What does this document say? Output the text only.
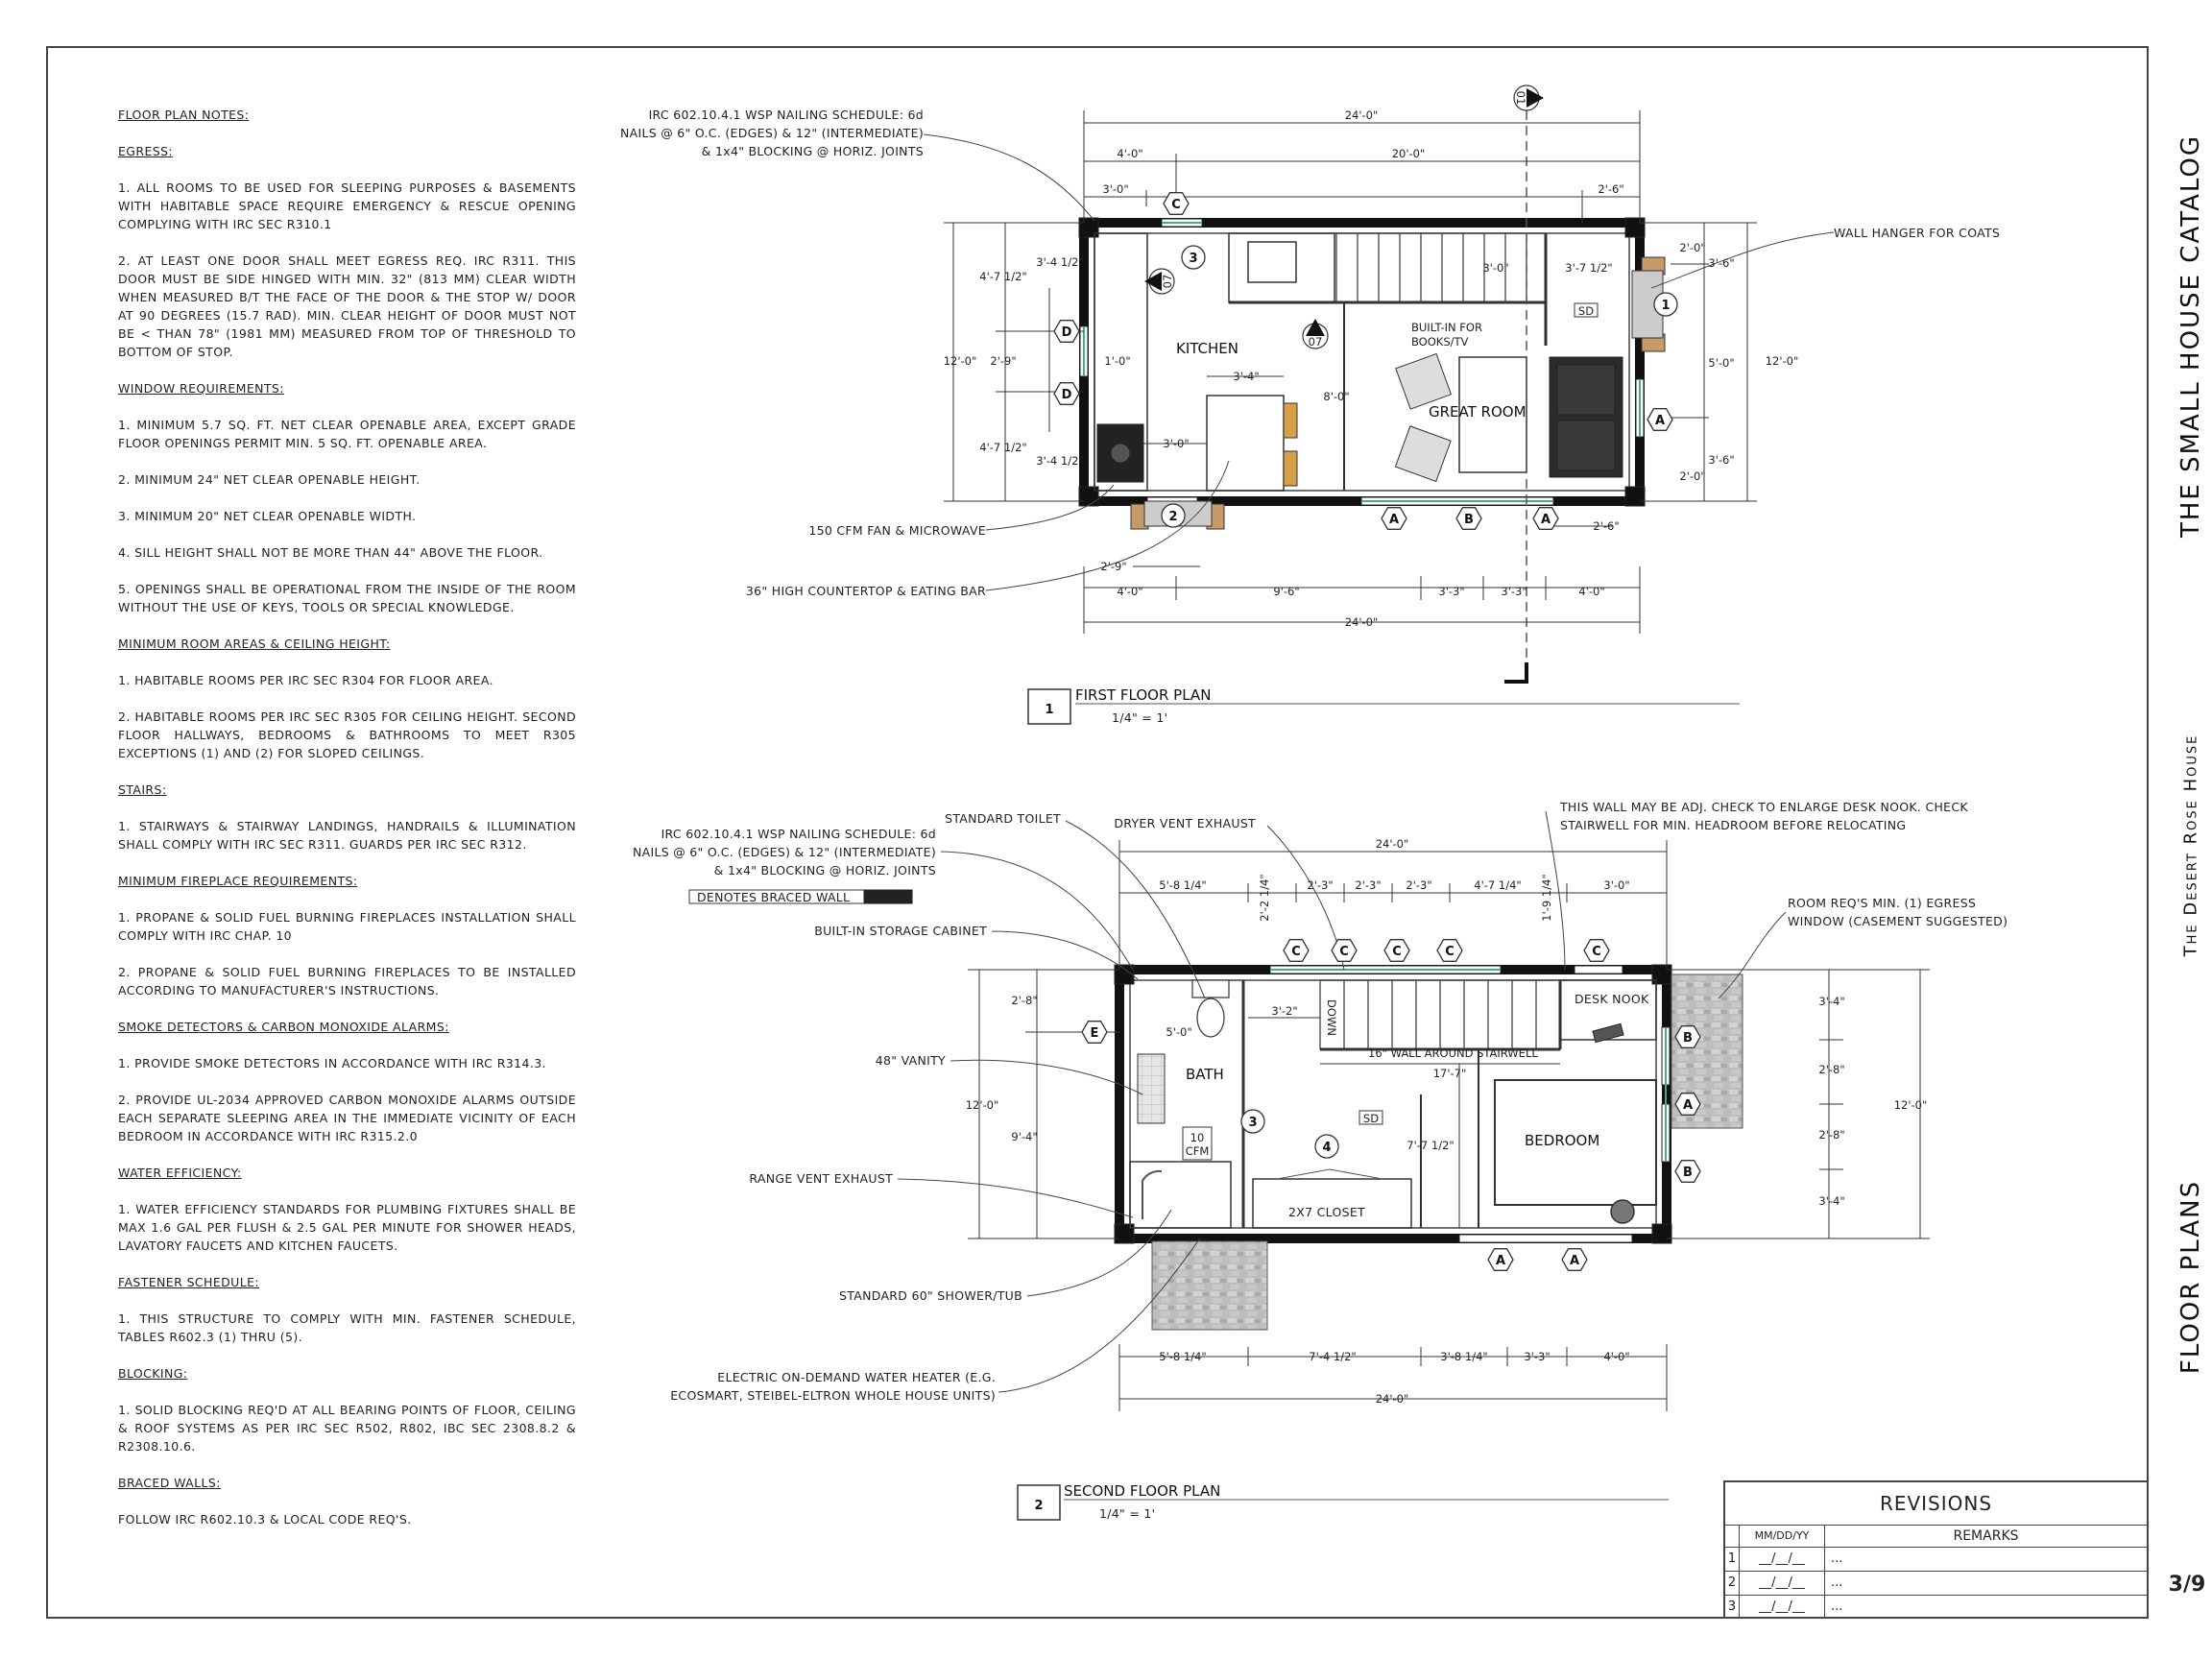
FLOOR PLAN NOTES:
EGRESS:
1. ALL ROOMS TO BE USED FOR SLEEPING PURPOSES & BASEMENTS WITH HABITABLE SPACE REQUIRE EMERGENCY & RESCUE OPENING COMPLYING WITH IRC SEC R310.1
2. AT LEAST ONE DOOR SHALL MEET EGRESS REQ. IRC R311. THIS DOOR MUST BE SIDE HINGED WITH MIN. 32" (813 MM) CLEAR WIDTH WHEN MEASURED B/T THE FACE OF THE DOOR & THE STOP W/ DOOR AT 90 DEGREES (15.7 RAD). MIN. CLEAR HEIGHT OF DOOR MUST NOT BE < THAN 78" (1981 MM) MEASURED FROM TOP OF THRESHOLD TO BOTTOM OF STOP.
WINDOW REQUIREMENTS:
1. MINIMUM 5.7 SQ. FT. NET CLEAR OPENABLE AREA, EXCEPT GRADE FLOOR OPENINGS PERMIT MIN. 5 SQ. FT. OPENABLE AREA.
2. MINIMUM 24" NET CLEAR OPENABLE HEIGHT.
3. MINIMUM 20" NET CLEAR OPENABLE WIDTH.
4. SILL HEIGHT SHALL NOT BE MORE THAN 44" ABOVE THE FLOOR.
5. OPENINGS SHALL BE OPERATIONAL FROM THE INSIDE OF THE ROOM WITHOUT THE USE OF KEYS, TOOLS OR SPECIAL KNOWLEDGE.
MINIMUM ROOM AREAS & CEILING HEIGHT:
1. HABITABLE ROOMS PER IRC SEC R304 FOR FLOOR AREA.
2. HABITABLE ROOMS PER IRC SEC R305 FOR CEILING HEIGHT. SECOND FLOOR HALLWAYS, BEDROOMS & BATHROOMS TO MEET R305 EXCEPTIONS (1) AND (2) FOR SLOPED CEILINGS.
STAIRS:
1. STAIRWAYS & STAIRWAY LANDINGS, HANDRAILS & ILLUMINATION SHALL COMPLY WITH IRC SEC R311. GUARDS PER IRC SEC R312.
MINIMUM FIREPLACE REQUIREMENTS:
1. PROPANE & SOLID FUEL BURNING FIREPLACES INSTALLATION SHALL COMPLY WITH IRC CHAP. 10
2. PROPANE & SOLID FUEL BURNING FIREPLACES TO BE INSTALLED ACCORDING TO MANUFACTURER'S INSTRUCTIONS.
SMOKE DETECTORS & CARBON MONOXIDE ALARMS:
1. PROVIDE SMOKE DETECTORS IN ACCORDANCE WITH IRC R314.3.
2. PROVIDE UL-2034 APPROVED CARBON MONOXIDE ALARMS OUTSIDE EACH SEPARATE SLEEPING AREA IN THE IMMEDIATE VICINITY OF EACH BEDROOM IN ACCORDANCE WITH IRC R315.2.0
WATER EFFICIENCY:
1. WATER EFFICIENCY STANDARDS FOR PLUMBING FIXTURES SHALL BE MAX 1.6 GAL PER FLUSH & 2.5 GAL PER MINUTE FOR SHOWER HEADS, LAVATORY FAUCETS AND KITCHEN FAUCETS.
FASTENER SCHEDULE:
1. THIS STRUCTURE TO COMPLY WITH MIN. FASTENER SCHEDULE, TABLES R602.3 (1) THRU (5).
BLOCKING:
1. SOLID BLOCKING REQ'D AT ALL BEARING POINTS OF FLOOR, CEILING & ROOF SYSTEMS AS PER IRC SEC R502, R802, IBC SEC 2308.8.2 & R2308.10.6.
BRACED WALLS:
FOLLOW IRC R602.10.3 & LOCAL CODE REQ'S.
IRC 602.10.4.1 WSP NAILING SCHEDULE: 6d
NAILS @ 6" O.C. (EDGES) & 12" (INTERMEDIATE)
& 1x4" BLOCKING @ HORIZ. JOINTS
150 CFM FAN & MICROWAVE
36" HIGH COUNTERTOP & EATING BAR
WALL HANGER FOR COATS
KITCHEN
GREAT ROOM
BUILT-IN FOR
BOOKS/TV
SD
24'-0"
4'-0"	20'-0"
3'-0"	2'-6"
12'-0"
4'-7 1/2"
2'-9"
4'-7 1/2"
3'-4 1/2"
3'-4 1/2"
1'-0"
3'-4"
3'-0"
8'-0"
3'-0"	3'-7 1/2"
2'-0"
3'-6"
5'-0"
3'-6"
2'-0"
12'-0"
2'-6"
2'-9"
4'-0"	9'-6"	3'-3"	3'-3"	4'-0"
24'-0"
1
FIRST FLOOR PLAN
1/4" = 1'
IRC 602.10.4.1 WSP NAILING SCHEDULE: 6d
NAILS @ 6" O.C. (EDGES) & 12" (INTERMEDIATE)
& 1x4" BLOCKING @ HORIZ. JOINTS
DENOTES BRACED WALL
STANDARD TOILET	DRYER VENT EXHAUST
BUILT-IN STORAGE CABINET
48" VANITY
RANGE VENT EXHAUST
STANDARD 60" SHOWER/TUB
ELECTRIC ON-DEMAND WATER HEATER (E.G.
ECOSMART, STEIBEL-ELTRON WHOLE HOUSE UNITS)
THIS WALL MAY BE ADJ. CHECK TO ENLARGE DESK NOOK. CHECK
STAIRWELL FOR MIN. HEADROOM BEFORE RELOCATING
ROOM REQ'S MIN. (1) EGRESS
WINDOW (CASEMENT SUGGESTED)
BATH
BEDROOM
2X7 CLOSET
DESK NOOK
16" WALL AROUND STAIRWELL
DOWN
10
CFM
SD
24'-0"
5'-8 1/4"	2'-2 1/4"	2'-3" 2'-3" 2'-3"	4'-7 1/4" 1'-9 1/4"	3'-0"
12'-0"
2'-8"
9'-4"
5'-0"
3'-2"
17'-7"
7'-7 1/2"
3'-4"
2'-8"
2'-8"
3'-4"
12'-0"
5'-8 1/4"	7'-4 1/2"	3'-8 1/4"	3'-3"	4'-0"
24'-0"
2
SECOND FLOOR PLAN
1/4" = 1'
C
D
D
A
A	B	A
3
2
1
07
07
01
C	C	C	C	C
E	B
A
B
A	A
3
4
THE SMALL HOUSE CATALOG
The Desert Rose House
FLOOR PLANS
3/9
REVISIONS
MM/DD/YY	REMARKS
1	__/__/__	...
2	__/__/__	...
3	__/__/__	...
